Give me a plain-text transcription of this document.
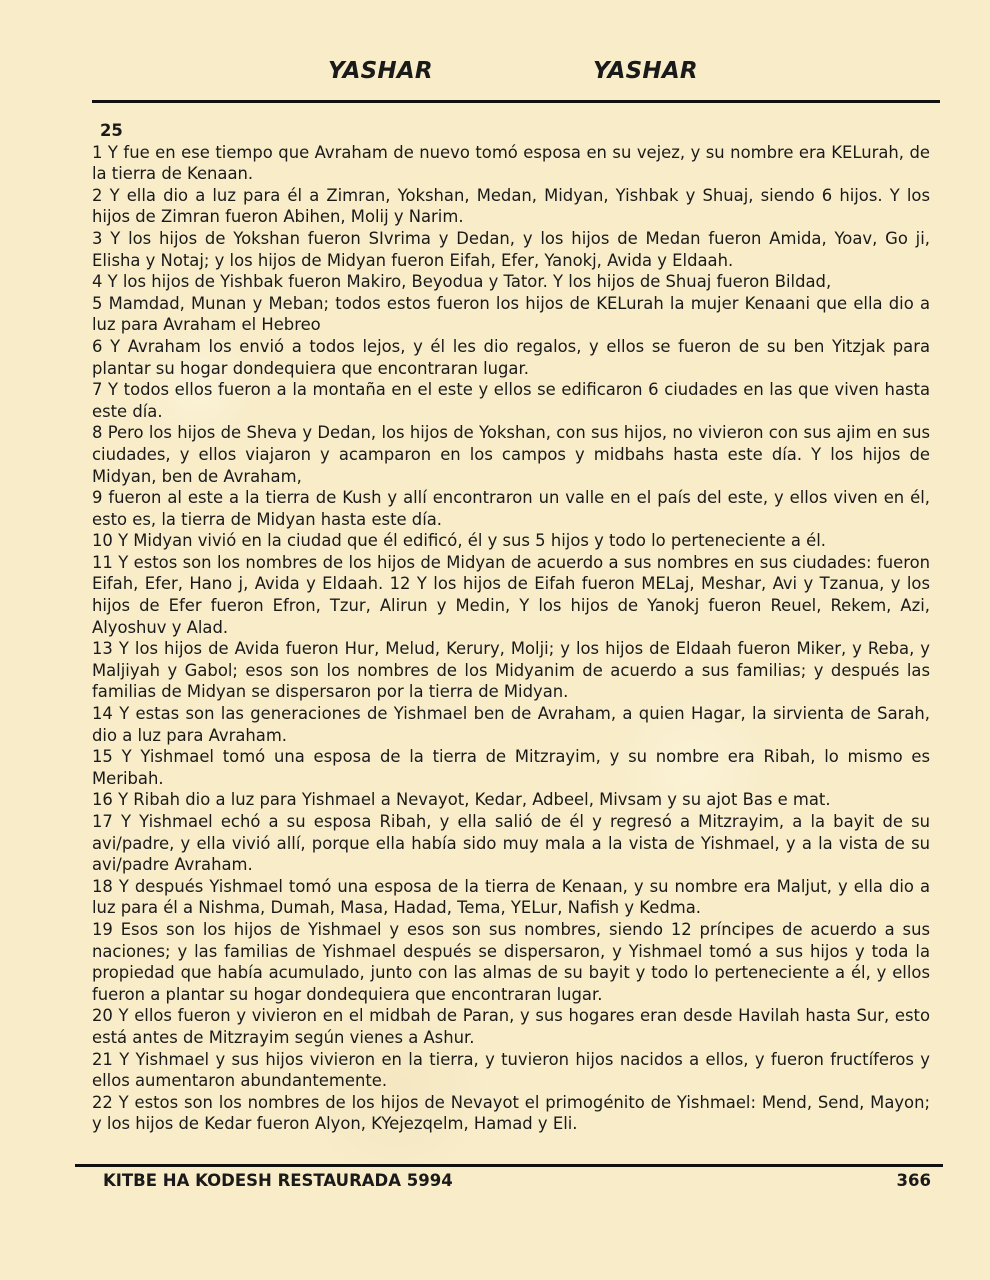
YASHAR	YASHAR
25

1 Y fue en ese tiempo que Avraham de nuevo tomó esposa en su vejez, y su nombre era KELurah, de la tierra de Kenaan.

2 Y ella dio a luz para él a Zimran, Yokshan, Medan, Midyan, Yishbak y Shuaj, siendo 6 hijos. Y los hijos de Zimran fueron Abihen, Molij y Narim.

3 Y los hijos de Yokshan fueron SIvrima y Dedan, y los hijos de Medan fueron Amida, Yoav, Go ji, Elisha y Notaj; y los hijos de Midyan fueron Eifah, Efer, Yanokj, Avida y Eldaah.

4 Y los hijos de Yishbak fueron Makiro, Beyodua y Tator. Y los hijos de Shuaj fueron Bildad,

5 Mamdad, Munan y Meban; todos estos fueron los hijos de KELurah la mujer Kenaani que ella dio a luz para Avraham el Hebreo

6 Y Avraham los envió a todos lejos, y él les dio regalos, y ellos se fueron de su ben Yitzjak para plantar su hogar dondequiera que encontraran lugar.

7 Y todos ellos fueron a la montaña en el este y ellos se edificaron 6 ciudades en las que viven hasta este día.

8 Pero los hijos de Sheva y Dedan, los hijos de Yokshan, con sus hijos, no vivieron con sus ajim en sus ciudades, y ellos viajaron y acamparon en los campos y midbahs hasta este día. Y los hijos de Midyan, ben de Avraham,

9 fueron al este a la tierra de Kush y allí encontraron un valle en el país del este, y ellos viven en él, esto es, la tierra de Midyan hasta este día.

10 Y Midyan vivió en la ciudad que él edificó, él y sus 5 hijos y todo lo perteneciente a él.

11 Y estos son los nombres de los hijos de Midyan de acuerdo a sus nombres en sus ciudades: fueron Eifah, Efer, Hano j, Avida y Eldaah. 12 Y los hijos de Eifah fueron MELaj, Meshar, Avi y Tzanua, y los hijos de Efer fueron Efron, Tzur, Alirun y Medin, Y los hijos de Yanokj fueron Reuel, Rekem, Azi, Alyoshuv y Alad.

13 Y los hijos de Avida fueron Hur, Melud, Kerury, Molji; y los hijos de Eldaah fueron Miker, y Reba, y Maljiyah y Gabol; esos son los nombres de los Midyanim de acuerdo a sus familias; y después las familias de Midyan se dispersaron por la tierra de Midyan.

14 Y estas son las generaciones de Yishmael ben de Avraham, a quien Hagar, la sirvienta de Sarah, dio a luz para Avraham.

15 Y Yishmael tomó una esposa de la tierra de Mitzrayim, y su nombre era Ribah, lo mismo es Meribah.

16 Y Ribah dio a luz para Yishmael a Nevayot, Kedar, Adbeel, Mivsam y su ajot Bas e mat.

17 Y Yishmael echó a su esposa Ribah, y ella salió de él y regresó a Mitzrayim, a la bayit de su avi/padre, y ella vivió allí, porque ella había sido muy mala a la vista de Yishmael, y a la vista de su avi/padre Avraham.

18 Y después Yishmael tomó una esposa de la tierra de Kenaan, y su nombre era Maljut, y ella dio a luz para él a Nishma, Dumah, Masa, Hadad, Tema, YELur, Nafish y Kedma.

19 Esos son los hijos de Yishmael y esos son sus nombres, siendo 12 príncipes de acuerdo a sus naciones; y las familias de Yishmael después se dispersaron, y Yishmael tomó a sus hijos y toda la propiedad que había acumulado, junto con las almas de su bayit y todo lo perteneciente a él, y ellos fueron a plantar su hogar dondequiera que encontraran lugar.

20 Y ellos fueron y vivieron en el midbah de Paran, y sus hogares eran desde Havilah hasta Sur, esto está antes de Mitzrayim según vienes a Ashur.

21 Y Yishmael y sus hijos vivieron en la tierra, y tuvieron hijos nacidos a ellos, y fueron fructíferos y ellos aumentaron abundantemente.

22 Y estos son los nombres de los hijos de Nevayot el primogénito de Yishmael: Mend, Send, Mayon; y los hijos de Kedar fueron Alyon, KYejezqelm, Hamad y Eli.

KITBE HA KODESH RESTAURADA 5994	366
